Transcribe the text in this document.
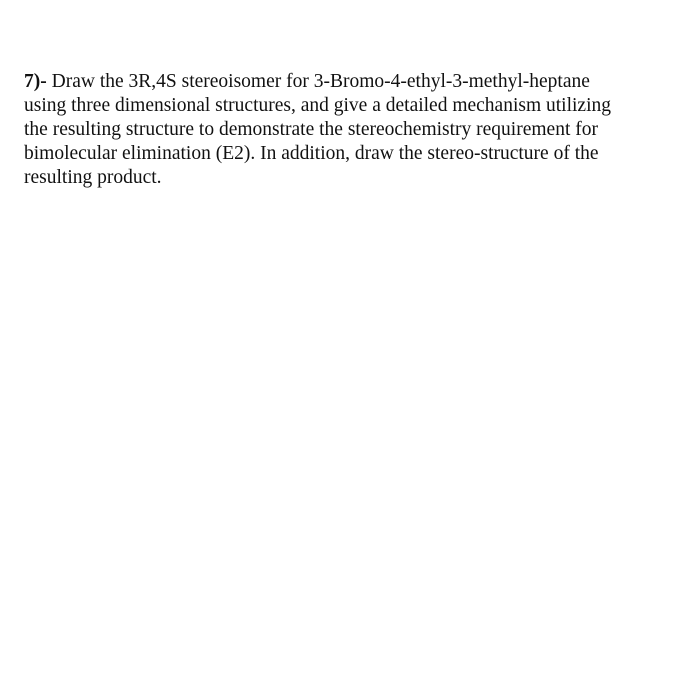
7)- Draw the 3R,4S stereoisomer for 3-Bromo-4-ethyl-3-methyl-heptane
using three dimensional structures, and give a detailed mechanism utilizing
the resulting structure to demonstrate the stereochemistry requirement for
bimolecular elimination (E2). In addition, draw the stereo-structure of the
resulting product.
